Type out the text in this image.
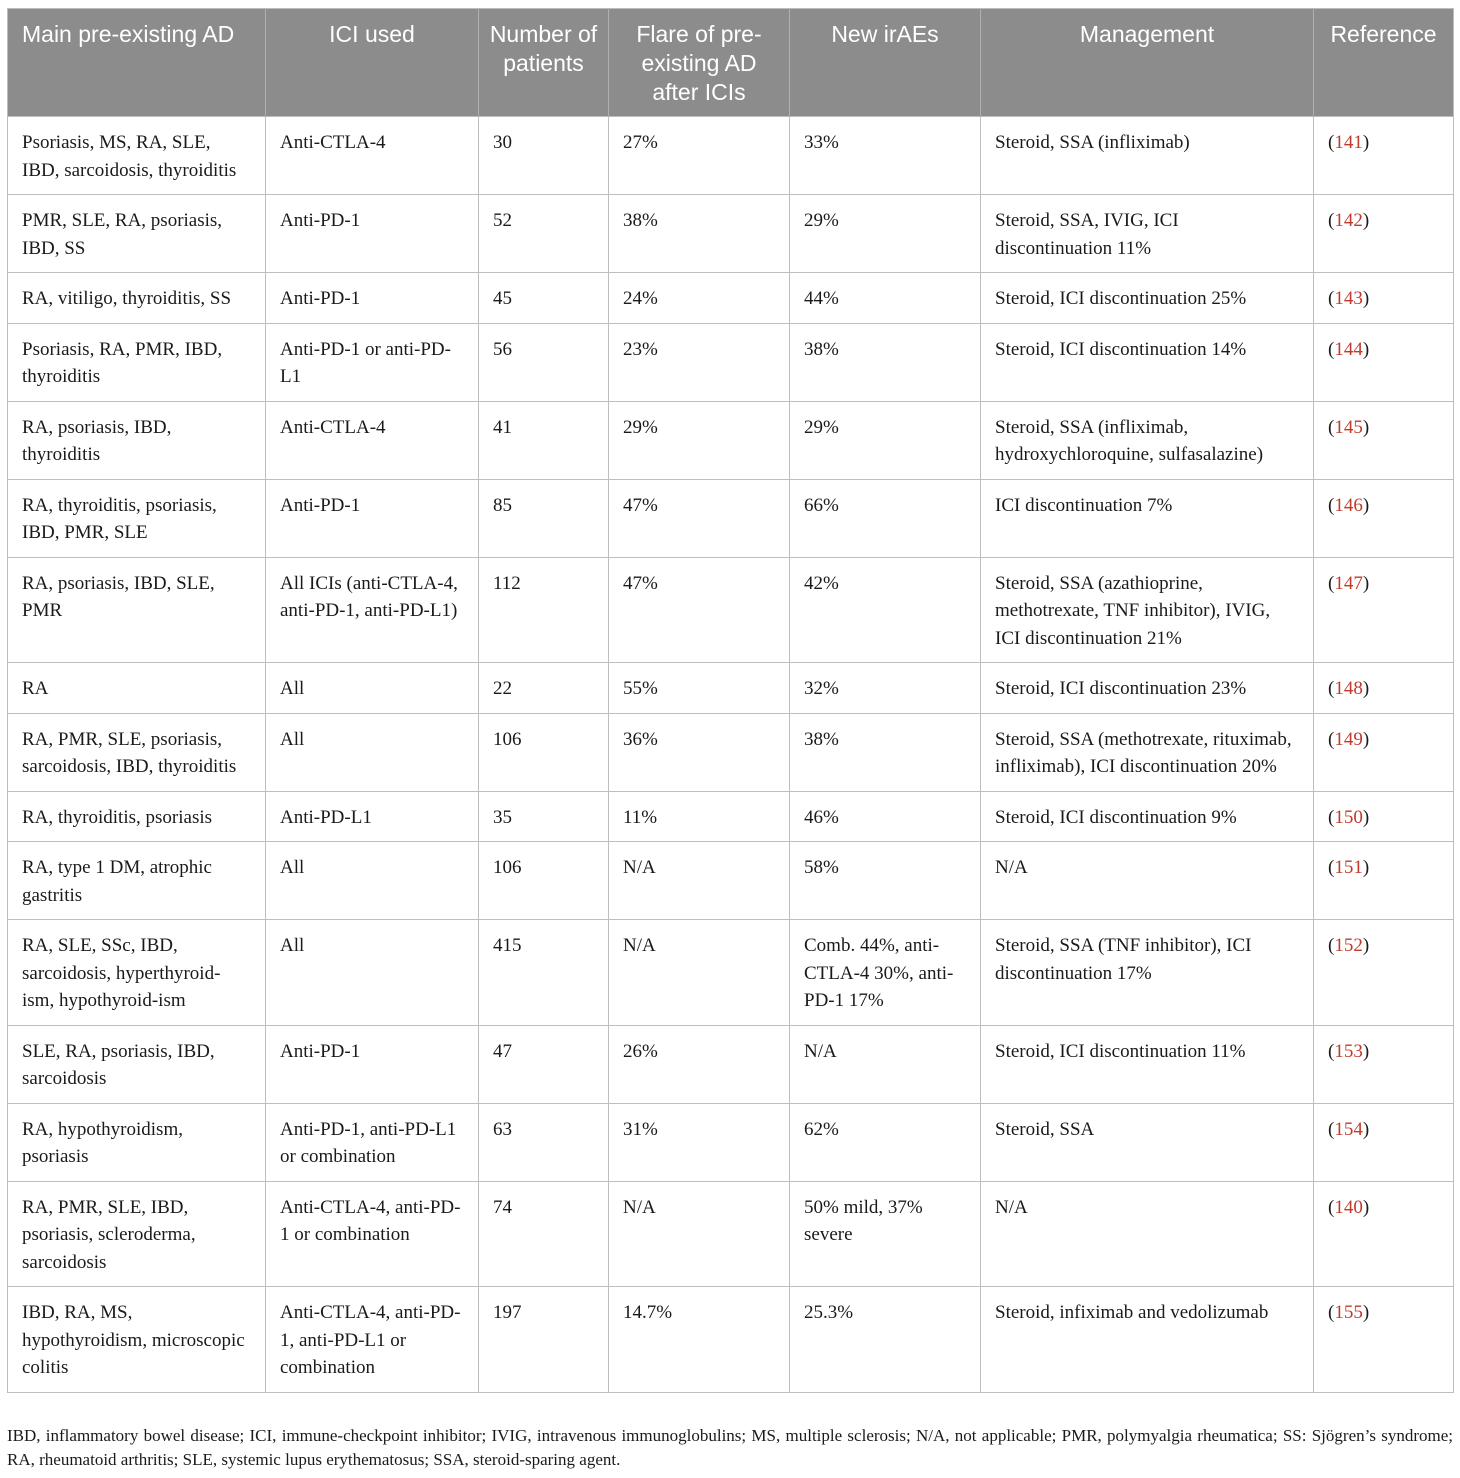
Main pre-existing AD	ICI used	Number of patients	Flare of pre-existing AD after ICIs	New irAEs	Management	Reference
Psoriasis, MS, RA, SLE, IBD, sarcoidosis, thyroiditis	Anti-CTLA-4	30	27%	33%	Steroid, SSA (infliximab)	(141)
PMR, SLE, RA, psoriasis, IBD, SS	Anti-PD-1	52	38%	29%	Steroid, SSA, IVIG, ICI discontinuation 11%	(142)
RA, vitiligo, thyroiditis, SS	Anti-PD-1	45	24%	44%	Steroid, ICI discontinuation 25%	(143)
Psoriasis, RA, PMR, IBD, thyroiditis	Anti-PD-1 or anti-PD-L1	56	23%	38%	Steroid, ICI discontinuation 14%	(144)
RA, psoriasis, IBD, thyroiditis	Anti-CTLA-4	41	29%	29%	Steroid, SSA (infliximab, hydroxychloroquine, sulfasalazine)	(145)
RA, thyroiditis, psoriasis, IBD, PMR, SLE	Anti-PD-1	85	47%	66%	ICI discontinuation 7%	(146)
RA, psoriasis, IBD, SLE, PMR	All ICIs (anti-CTLA-4, anti-PD-1, anti-PD-L1)	112	47%	42%	Steroid, SSA (azathioprine, methotrexate, TNF inhibitor), IVIG, ICI discontinuation 21%	(147)
RA	All	22	55%	32%	Steroid, ICI discontinuation 23%	(148)
RA, PMR, SLE, psoriasis, sarcoidosis, IBD, thyroiditis	All	106	36%	38%	Steroid, SSA (methotrexate, rituximab, infliximab), ICI discontinuation 20%	(149)
RA, thyroiditis, psoriasis	Anti-PD-L1	35	11%	46%	Steroid, ICI discontinuation 9%	(150)
RA, type 1 DM, atrophic gastritis	All	106	N/A	58%	N/A	(151)
RA, SLE, SSc, IBD, sarcoidosis, hyperthyroid-ism, hypothyroid-ism	All	415	N/A	Comb. 44%, anti-CTLA-4 30%, anti-PD-1 17%	Steroid, SSA (TNF inhibitor), ICI discontinuation 17%	(152)
SLE, RA, psoriasis, IBD, sarcoidosis	Anti-PD-1	47	26%	N/A	Steroid, ICI discontinuation 11%	(153)
RA, hypothyroidism, psoriasis	Anti-PD-1, anti-PD-L1 or combination	63	31%	62%	Steroid, SSA	(154)
RA, PMR, SLE, IBD, psoriasis, scleroderma, sarcoidosis	Anti-CTLA-4, anti-PD-1 or combination	74	N/A	50% mild, 37% severe	N/A	(140)
IBD, RA, MS, hypothyroidism, microscopic colitis	Anti-CTLA-4, anti-PD-1, anti-PD-L1 or combination	197	14.7%	25.3%	Steroid, infiximab and vedolizumab	(155)
IBD, inflammatory bowel disease; ICI, immune-checkpoint inhibitor; IVIG, intravenous immunoglobulins; MS, multiple sclerosis; N/A, not applicable; PMR, polymyalgia rheumatica; SS: Sjögren’s syndrome; RA, rheumatoid arthritis; SLE, systemic lupus erythematosus; SSA, steroid-sparing agent.
